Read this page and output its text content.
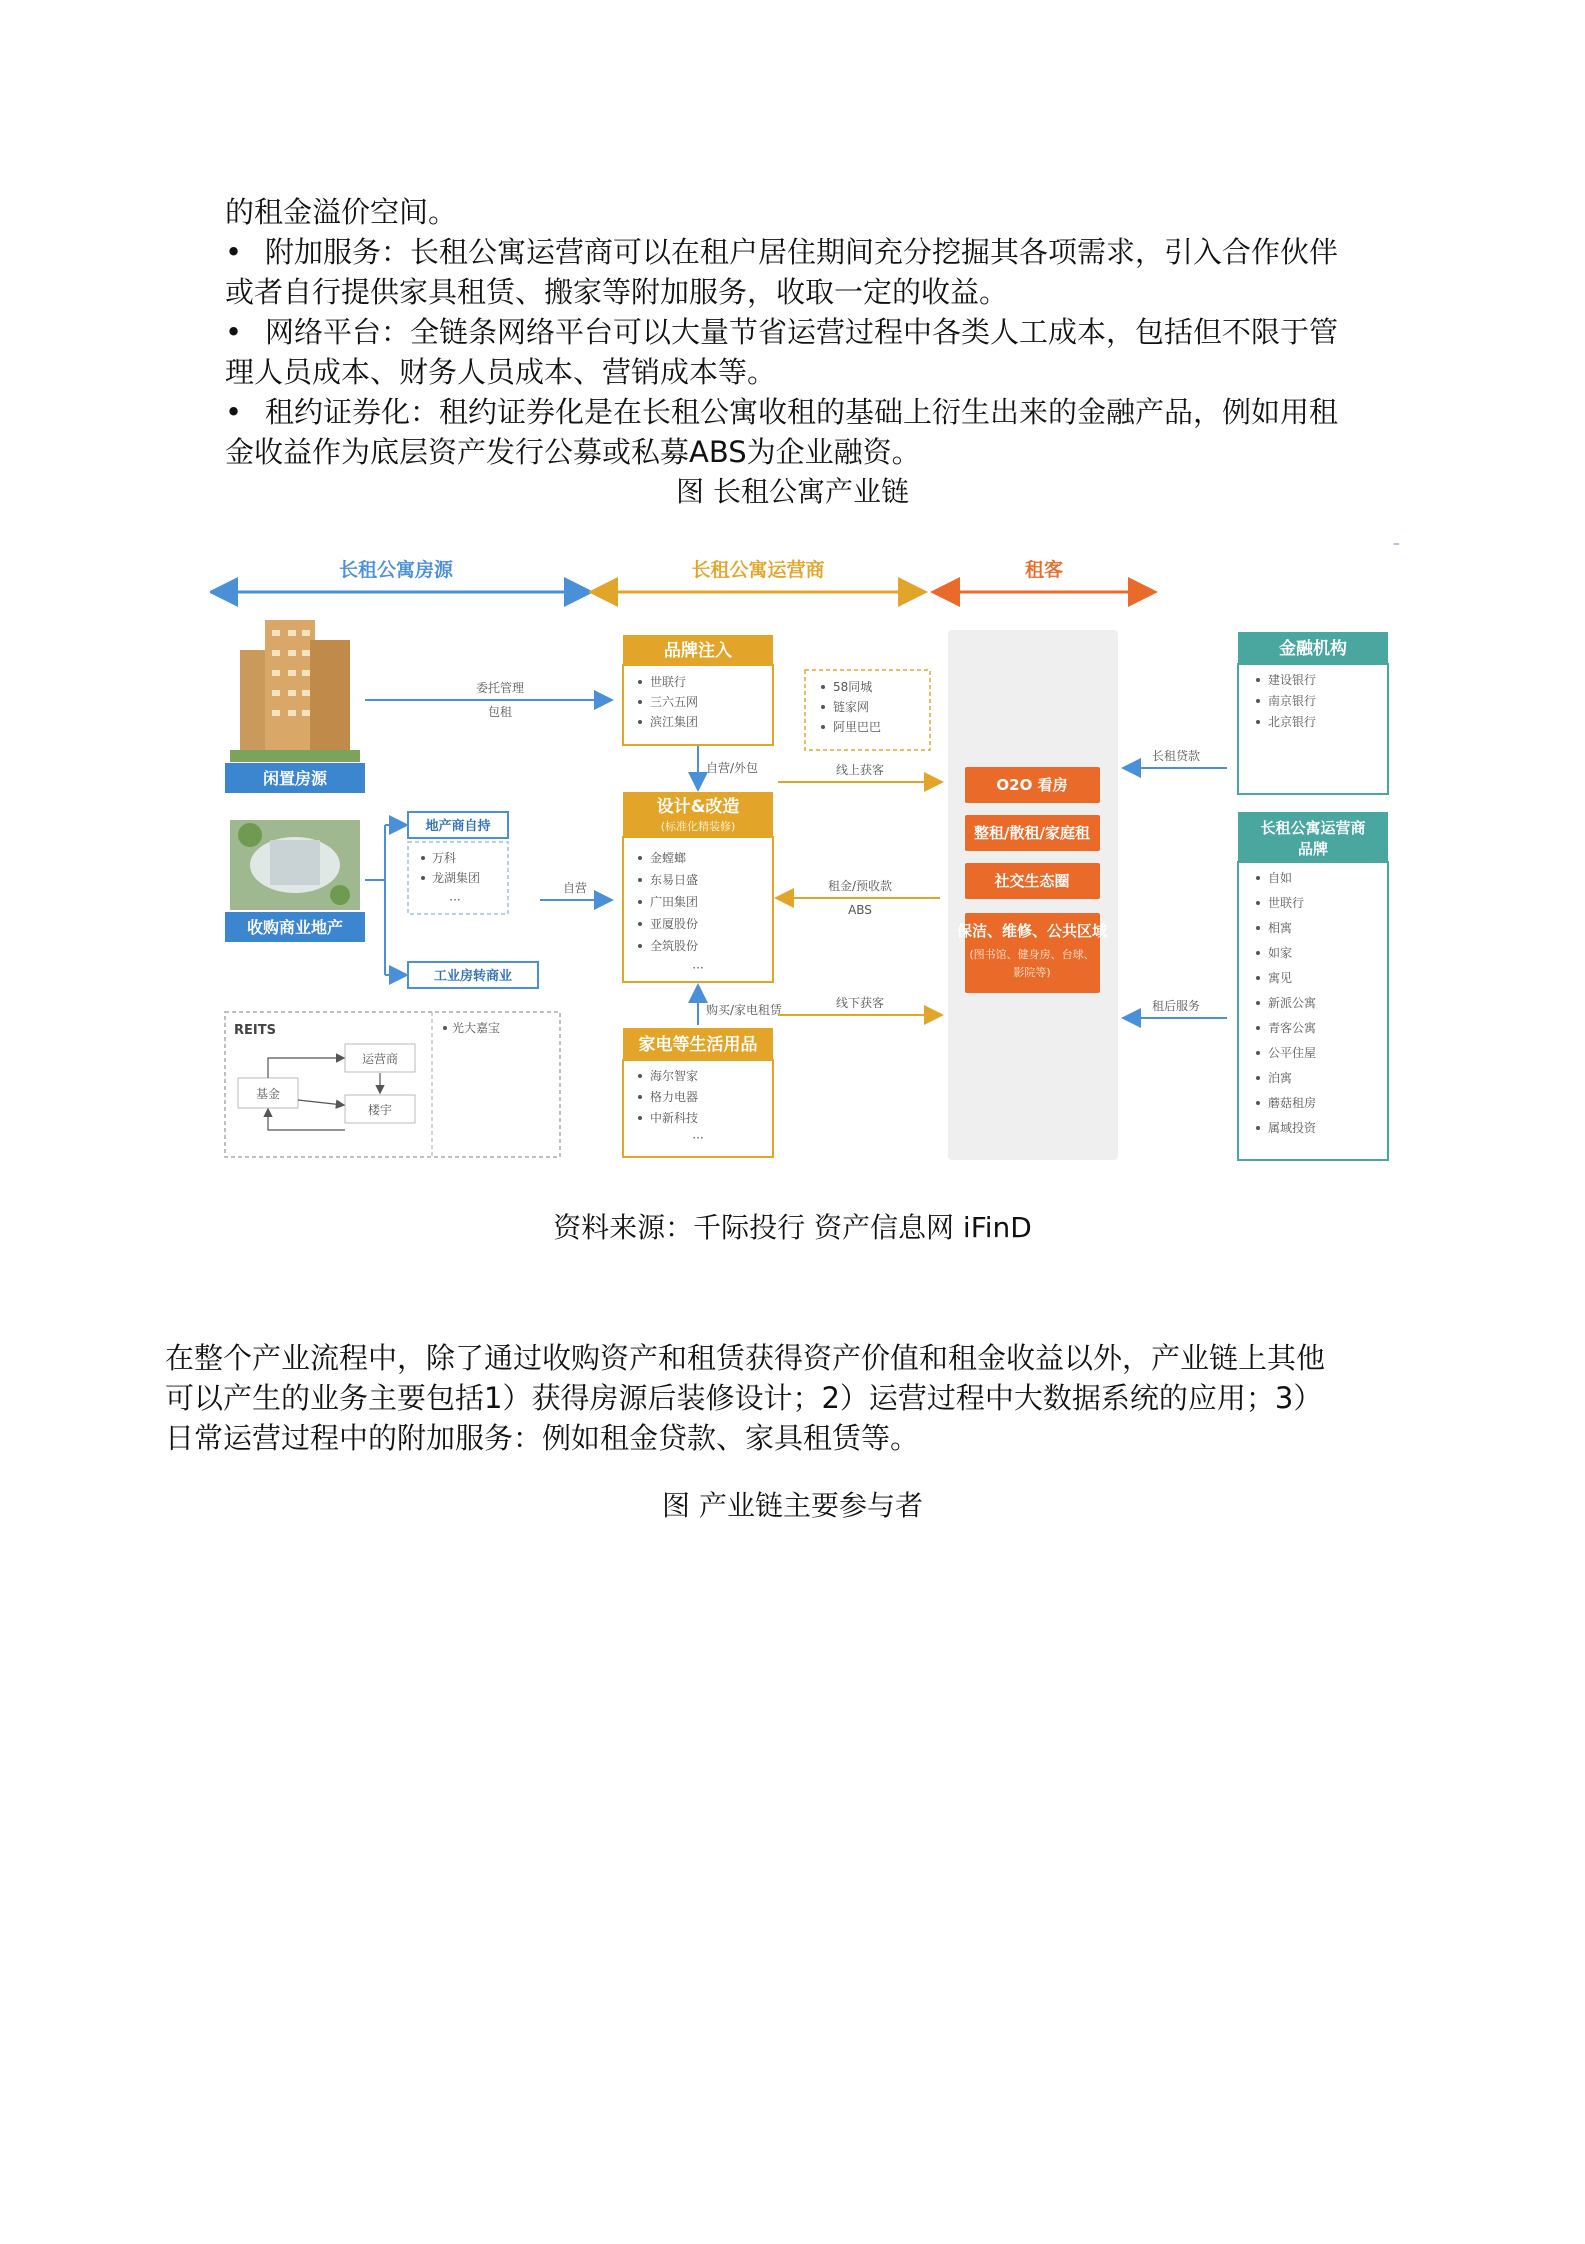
的租金溢价空间。
• 附加服务：长租公寓运营商可以在租户居住期间充分挖掘其各项需求，引入合作伙伴
或者自行提供家具租赁、搬家等附加服务，收取一定的收益。
• 网络平台：全链条网络平台可以大量节省运营过程中各类人工成本，包括但不限于管
理人员成本、财务人员成本、营销成本等。
• 租约证券化：租约证券化是在长租公寓收租的基础上衍生出来的金融产品，例如用租
金收益作为底层资产发行公募或私募ABS为企业融资。
图 长租公寓产业链
–
长租公寓房源	长租公寓运营商	租客
闲置房源
委托管理
包租
收购商业地产
地产商自持
万科
龙湖集团
···
工业房转商业
自营
REITS
基金
运营商
楼宇
光大嘉宝
品牌注入
世联行
三六五网
滨江集团
58同城
链家网
阿里巴巴
自营/外包
设计&改造
(标准化精装修)
金螳螂
东易日盛
广田集团
亚厦股份
全筑股份
···
购买/家电租赁
家电等生活用品
海尔智家
格力电器
中新科技
···
线上获客
租金/预收款
ABS
线下获客
O2O 看房
整租/散租/家庭租
社交生态圈
保洁、维修、公共区域
(图书馆、健身房、台球、
影院等)
长租贷款
租后服务
金融机构
建设银行
南京银行
北京银行
长租公寓运营商
品牌
自如
世联行
相寓
如家
寓见
新派公寓
青客公寓
公平住屋
泊寓
蘑菇租房
属域投资
资料来源：千际投行 资产信息网 iFinD
在整个产业流程中，除了通过收购资产和租赁获得资产价值和租金收益以外，产业链上其他
可以产生的业务主要包括1）获得房源后装修设计；2）运营过程中大数据系统的应用；3）
日常运营过程中的附加服务：例如租金贷款、家具租赁等。
图 产业链主要参与者
